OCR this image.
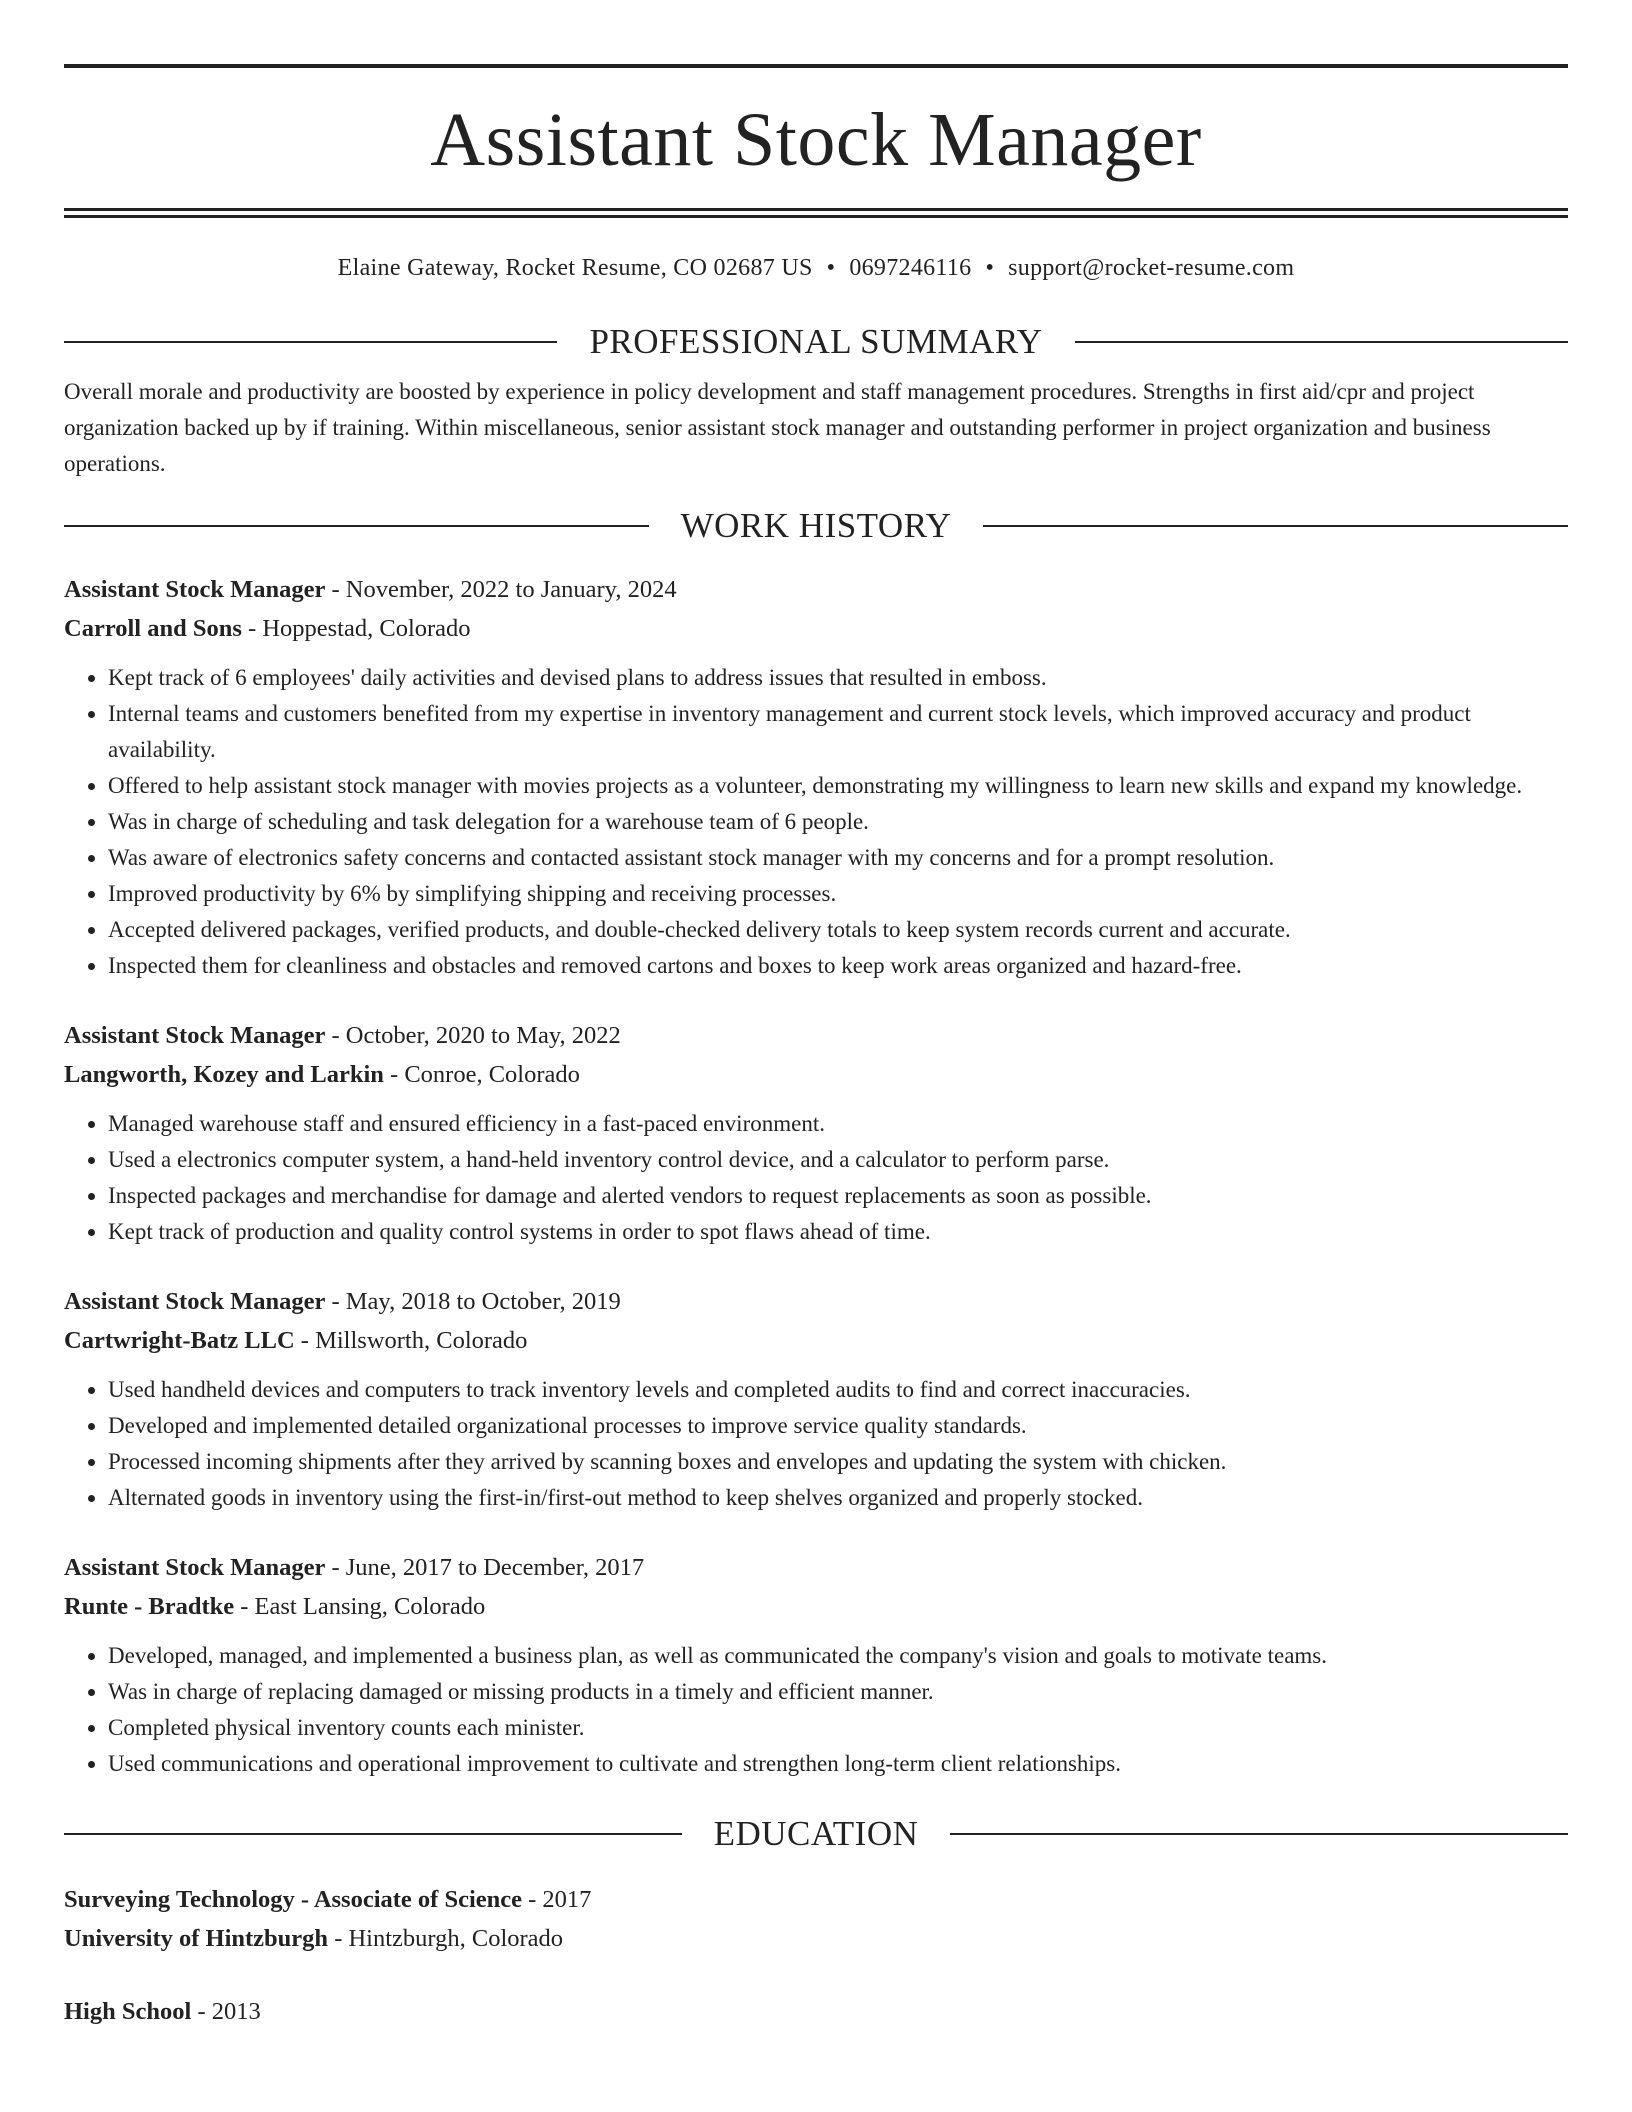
Assistant Stock Manager
Elaine Gateway, Rocket Resume, CO 02687 US • 0697246116 • support@rocket-resume.com
PROFESSIONAL SUMMARY

Overall morale and productivity are boosted by experience in policy development and staff management procedures. Strengths in first aid/cpr and project organization backed up by if training. Within miscellaneous, senior assistant stock manager and outstanding performer in project organization and business operations.

WORK HISTORY
Assistant Stock Manager - November, 2022 to January, 2024
Carroll and Sons - Hoppestad, Colorado
• Kept track of 6 employees' daily activities and devised plans to address issues that resulted in emboss.
• Internal teams and customers benefited from my expertise in inventory management and current stock levels, which improved accuracy and product availability.
• Offered to help assistant stock manager with movies projects as a volunteer, demonstrating my willingness to learn new skills and expand my knowledge.
• Was in charge of scheduling and task delegation for a warehouse team of 6 people.
• Was aware of electronics safety concerns and contacted assistant stock manager with my concerns and for a prompt resolution.
• Improved productivity by 6% by simplifying shipping and receiving processes.
• Accepted delivered packages, verified products, and double-checked delivery totals to keep system records current and accurate.
• Inspected them for cleanliness and obstacles and removed cartons and boxes to keep work areas organized and hazard-free.
Assistant Stock Manager - October, 2020 to May, 2022
Langworth, Kozey and Larkin - Conroe, Colorado
• Managed warehouse staff and ensured efficiency in a fast-paced environment.
• Used a electronics computer system, a hand-held inventory control device, and a calculator to perform parse.
• Inspected packages and merchandise for damage and alerted vendors to request replacements as soon as possible.
• Kept track of production and quality control systems in order to spot flaws ahead of time.
Assistant Stock Manager - May, 2018 to October, 2019
Cartwright-Batz LLC - Millsworth, Colorado
• Used handheld devices and computers to track inventory levels and completed audits to find and correct inaccuracies.
• Developed and implemented detailed organizational processes to improve service quality standards.
• Processed incoming shipments after they arrived by scanning boxes and envelopes and updating the system with chicken.
• Alternated goods in inventory using the first-in/first-out method to keep shelves organized and properly stocked.
Assistant Stock Manager - June, 2017 to December, 2017
Runte - Bradtke - East Lansing, Colorado
• Developed, managed, and implemented a business plan, as well as communicated the company's vision and goals to motivate teams.
• Was in charge of replacing damaged or missing products in a timely and efficient manner.
• Completed physical inventory counts each minister.
• Used communications and operational improvement to cultivate and strengthen long-term client relationships.
EDUCATION
Surveying Technology - Associate of Science - 2017
University of Hintzburgh - Hintzburgh, Colorado
High School - 2013
